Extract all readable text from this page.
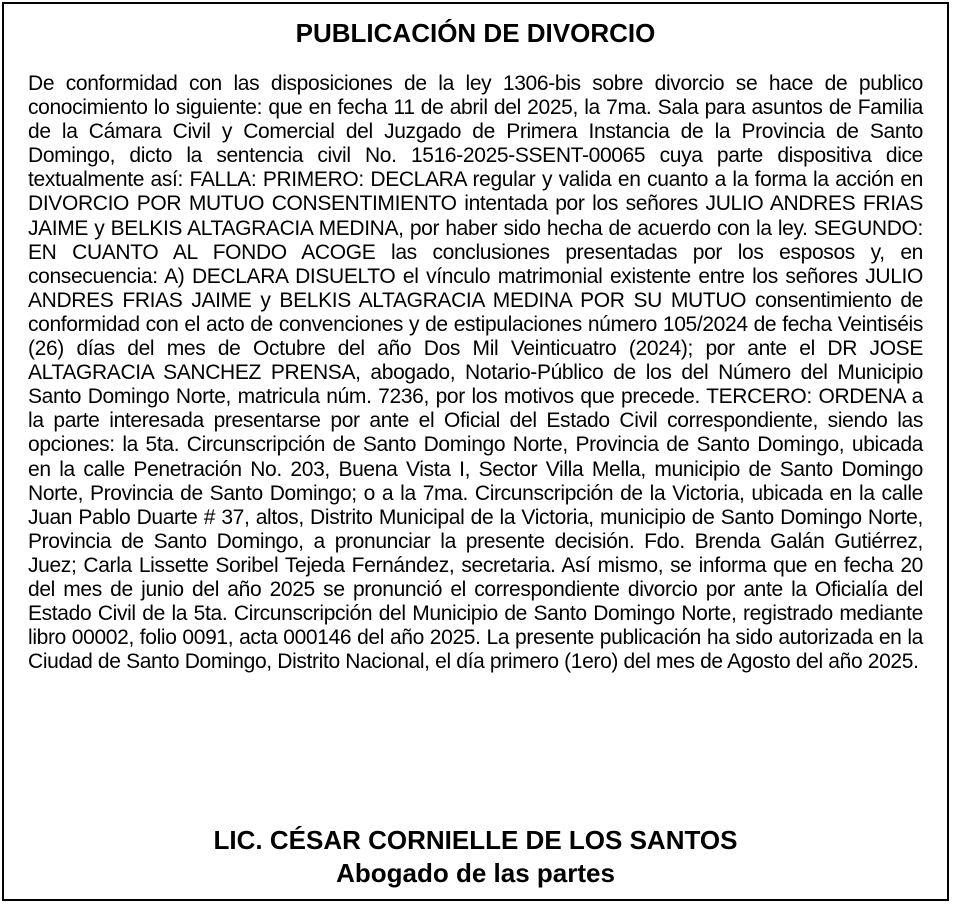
PUBLICACIÓN DE DIVORCIO

De conformidad con las disposiciones de la ley 1306-bis sobre divorcio se hace de publico conocimiento lo siguiente: que en fecha 11 de abril del 2025, la 7ma. Sala para asuntos de Familia de la Cámara Civil y Comercial del Juzgado de Primera Instancia de la Provincia de Santo Domingo, dicto la sentencia civil No. 1516-2025-SSENT-00065 cuya parte dispositiva dice textualmente así: FALLA: PRIMERO: DECLARA regular y valida en cuanto a la forma la acción en DIVORCIO POR MUTUO CONSENTIMIENTO intentada por los señores JULIO ANDRES FRIAS JAIME y BELKIS ALTAGRACIA MEDINA, por haber sido hecha de acuerdo con la ley. SEGUNDO: EN CUANTO AL FONDO ACOGE las conclusiones presentadas por los esposos y, en consecuencia: A) DECLARA DISUELTO el vínculo matrimonial existente entre los señores JULIO ANDRES FRIAS JAIME y BELKIS ALTAGRACIA MEDINA POR SU MUTUO consentimiento de conformidad con el acto de convenciones y de estipulaciones número 105/2024 de fecha Veintiséis (26) días del mes de Octubre del año Dos Mil Veinticuatro (2024); por ante el DR JOSE ALTAGRACIA SANCHEZ PRENSA, abogado, Notario-Público de los del Número del Municipio Santo Domingo Norte, matricula núm. 7236, por los motivos que precede. TERCERO: ORDENA a la parte interesada presentarse por ante el Oficial del Estado Civil correspondiente, siendo las opciones: la 5ta. Circunscripción de Santo Domingo Norte, Provincia de Santo Domingo, ubicada en la calle Penetración No. 203, Buena Vista I, Sector Villa Mella, municipio de Santo Domingo Norte, Provincia de Santo Domingo; o a la 7ma. Circunscripción de la Victoria, ubicada en la calle Juan Pablo Duarte # 37, altos, Distrito Municipal de la Victoria, municipio de Santo Domingo Norte, Provincia de Santo Domingo, a pronunciar la presente decisión. Fdo. Brenda Galán Gutiérrez, Juez; Carla Lissette Soribel Tejeda Fernández, secretaria. Así mismo, se informa que en fecha 20 del mes de junio del año 2025 se pronunció el correspondiente divorcio por ante la Oficialía del Estado Civil de la 5ta. Circunscripción del Municipio de Santo Domingo Norte, registrado mediante libro 00002, folio 0091, acta 000146 del año 2025. La presente publicación ha sido autorizada en la Ciudad de Santo Domingo, Distrito Nacional, el día primero (1ero) del mes de Agosto del año 2025.

LIC. CÉSAR CORNIELLE DE LOS SANTOS
Abogado de las partes
